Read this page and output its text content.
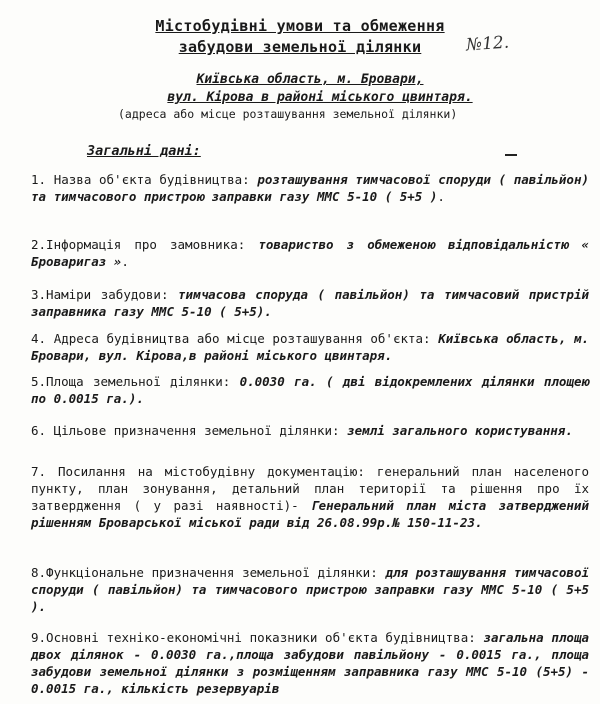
Містобудівні умови та обмеження
забудови земельної ділянки	№12.
Київська область, м. Бровари,
вул. Кірова в районі міського цвинтаря.
(адреса або місце розташування земельної ділянки)
Загальні дані:
1. Назва об'єкта будівництва: розташування тимчасової споруди ( павільйон) та тимчасового пристрою заправки газу ММС 5-10 ( 5+5 ).
2.Інформація про замовника: товариство з обмеженою відповідальністю « Броваригаз ».
3.Наміри забудови: тимчасова споруда ( павільйон) та тимчасовий пристрій заправника газу ММС 5-10 ( 5+5).
4. Адреса будівництва або місце розташування об'єкта: Київська область, м. Бровари, вул. Кірова,в районі міського цвинтаря.
5.Площа земельної ділянки: 0.0030 га. ( дві відокремлених ділянки площею по 0.0015 га.).
6. Цільове призначення земельної ділянки: землі загального користування.
7. Посилання на містобудівну документацію: генеральний план населеного пункту, план зонування, детальний план території та рішення про їх затвердження ( у разі наявності)- Генеральний план міста затверджений рішенням Броварської міської ради від 26.08.99р.№ 150-11-23.
8.Функціональне призначення земельної ділянки: для розташування тимчасової споруди ( павільйон) та тимчасового пристрою заправки газу ММС 5-10 ( 5+5 ).
9.Основні техніко-економічні показники об'єкта будівництва: загальна площа двох ділянок - 0.0030 га.,площа забудови павільйону - 0.0015 га., площа забудови земельної ділянки з розміщенням заправника газу ММС 5-10 (5+5) - 0.0015 га., кількість резервуарів
